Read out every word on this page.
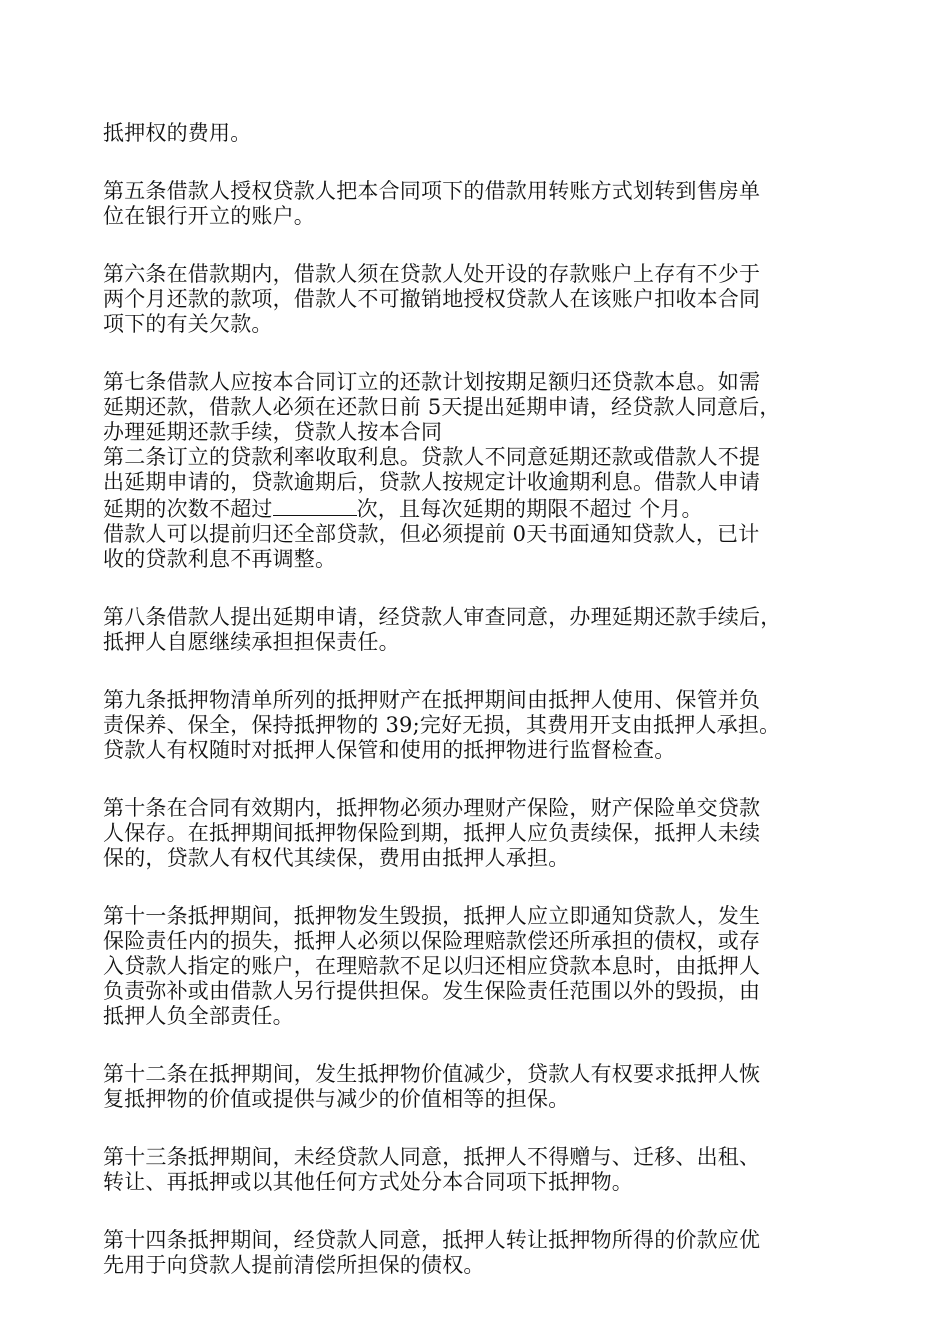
抵押权的费用。

第五条借款人授权贷款人把本合同项下的借款用转账方式划转到售房单
位在银行开立的账户。

第六条在借款期内，借款人须在贷款人处开设的存款账户上存有不少于
两个月还款的款项，借款人不可撤销地授权贷款人在该账户扣收本合同
项下的有关欠款。

第七条借款人应按本合同订立的还款计划按期足额归还贷款本息。如需
延期还款，借款人必须在还款日前 5天提出延期申请，经贷款人同意后，
办理延期还款手续，贷款人按本合同
第二条订立的贷款利率收取利息。贷款人不同意延期还款或借款人不提
出延期申请的，贷款逾期后，贷款人按规定计收逾期利息。借款人申请
延期的次数不超过	次，且每次延期的期限不超过 个月。
借款人可以提前归还全部贷款，但必须提前 0天书面通知贷款人，已计
收的贷款利息不再调整。

第八条借款人提出延期申请，经贷款人审查同意，办理延期还款手续后，
抵押人自愿继续承担担保责任。

第九条抵押物清单所列的抵押财产在抵押期间由抵押人使用、保管并负
责保养、保全，保持抵押物的 39;完好无损，其费用开支由抵押人承担。
贷款人有权随时对抵押人保管和使用的抵押物进行监督检查。

第十条在合同有效期内，抵押物必须办理财产保险，财产保险单交贷款
人保存。在抵押期间抵押物保险到期，抵押人应负责续保，抵押人未续
保的，贷款人有权代其续保，费用由抵押人承担。

第十一条抵押期间，抵押物发生毁损，抵押人应立即通知贷款人，发生
保险责任内的损失，抵押人必须以保险理赔款偿还所承担的债权，或存
入贷款人指定的账户，在理赔款不足以归还相应贷款本息时，由抵押人
负责弥补或由借款人另行提供担保。发生保险责任范围以外的毁损，由
抵押人负全部责任。

第十二条在抵押期间，发生抵押物价值减少，贷款人有权要求抵押人恢
复抵押物的价值或提供与减少的价值相等的担保。

第十三条抵押期间，未经贷款人同意，抵押人不得赠与、迁移、出租、
转让、再抵押或以其他任何方式处分本合同项下抵押物。

第十四条抵押期间，经贷款人同意，抵押人转让抵押物所得的价款应优
先用于向贷款人提前清偿所担保的债权。
